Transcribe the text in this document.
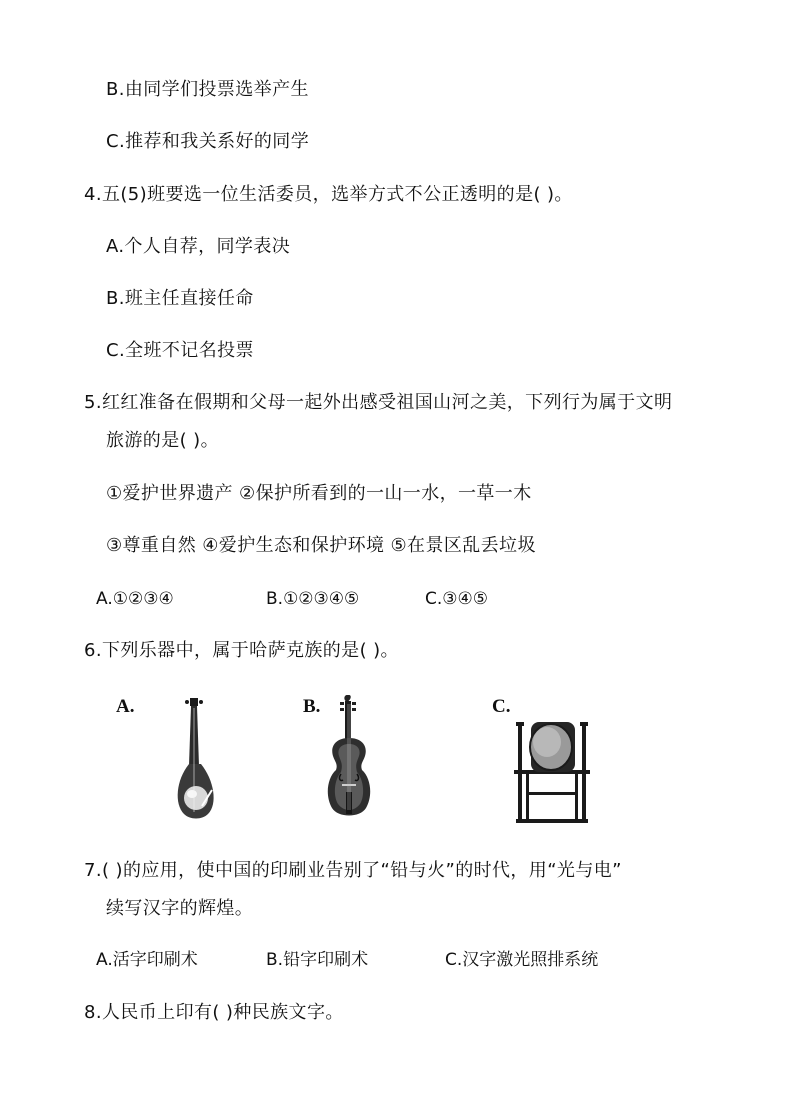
B.由同学们投票选举产生
C.推荐和我关系好的同学
4.五(5)班要选一位生活委员，选举方式不公正透明的是( )。
A.个人自荐，同学表决
B.班主任直接任命
C.全班不记名投票
5.红红准备在假期和父母一起外出感受祖国山河之美，下列行为属于文明
旅游的是( )。
①爱护世界遗产 ②保护所看到的一山一水，一草一木
③尊重自然 ④爱护生态和保护环境 ⑤在景区乱丢垃圾
A.①②③④	B.①②③④⑤	C.③④⑤
6.下列乐器中，属于哈萨克族的是( )。
A.	B.	C.
7.( )的应用，使中国的印刷业告别了“铅与火”的时代，用“光与电”
续写汉字的辉煌。
A.活字印刷术	B.铅字印刷术	C.汉字激光照排系统
8.人民币上印有( )种民族文字。
